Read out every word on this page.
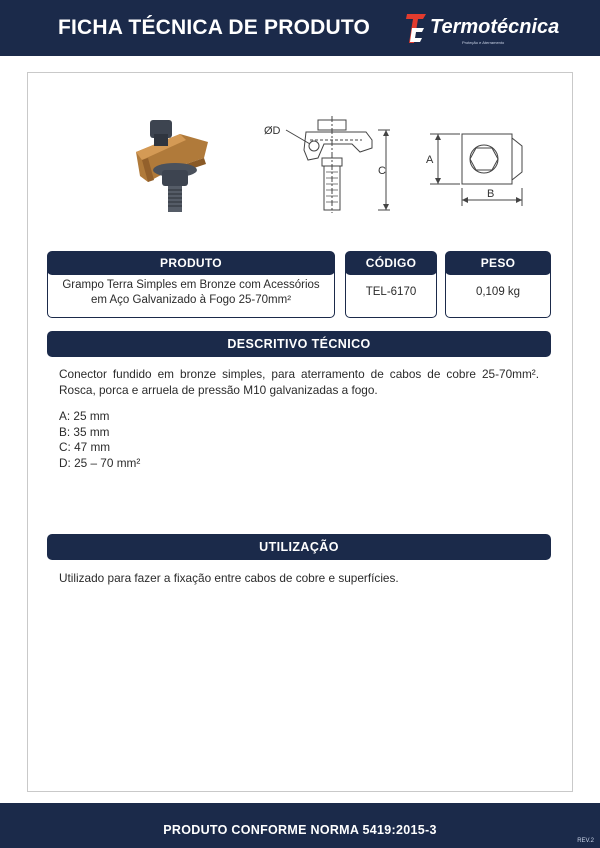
FICHA TÉCNICA DE PRODUTO	Termotécnica
Proteção e Aterramento
ØD
C
A
B
PRODUTO
Grampo Terra Simples em Bronze com Acessórios em Aço Galvanizado à Fogo 25-70mm²
CÓDIGO
TEL-6170
PESO
0,109 kg
DESCRITIVO TÉCNICO
Conector fundido em bronze simples, para aterramento de cabos de cobre 25-70mm². Rosca, porca e arruela de pressão M10 galvanizadas a fogo.
A: 25 mm
B: 35 mm
C: 47 mm
D: 25 – 70 mm²
UTILIZAÇÃO
Utilizado para fazer a fixação entre cabos de cobre e superfícies.
PRODUTO CONFORME NORMA 5419:2015-3
REV.2
